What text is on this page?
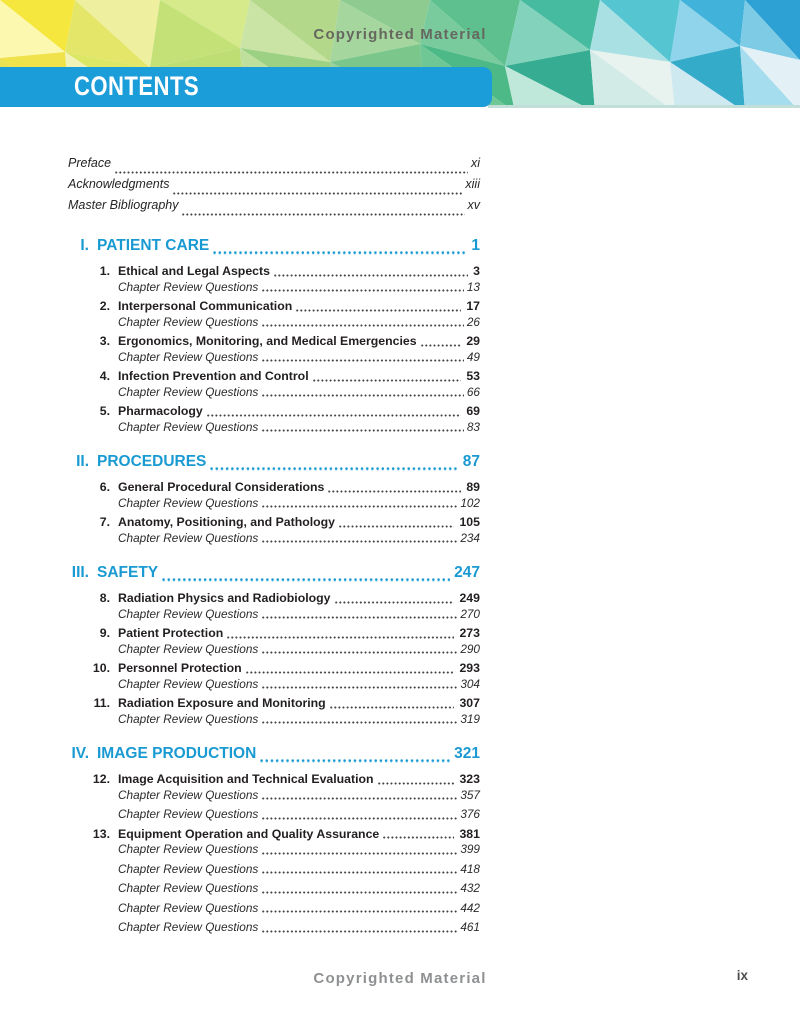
Copyrighted Material
CONTENTS
Preface	xi
Acknowledgments	xiii
Master Bibliography	xv
I. PATIENT CARE	1
1. Ethical and Legal Aspects	3
Chapter Review Questions	13
2. Interpersonal Communication	17
Chapter Review Questions	26
3. Ergonomics, Monitoring, and Medical Emergencies	29
Chapter Review Questions	49
4. Infection Prevention and Control	53
Chapter Review Questions	66
5. Pharmacology	69
Chapter Review Questions	83
II. PROCEDURES	87
6. General Procedural Considerations	89
Chapter Review Questions	102
7. Anatomy, Positioning, and Pathology	105
Chapter Review Questions	234
III. SAFETY	247
8. Radiation Physics and Radiobiology	249
Chapter Review Questions	270
9. Patient Protection	273
Chapter Review Questions	290
10. Personnel Protection	293
Chapter Review Questions	304
11. Radiation Exposure and Monitoring	307
Chapter Review Questions	319
IV. IMAGE PRODUCTION	321
12. Image Acquisition and Technical Evaluation	323
Chapter Review Questions	357
Chapter Review Questions	376
13. Equipment Operation and Quality Assurance	381
Chapter Review Questions	399
Chapter Review Questions	418
Chapter Review Questions	432
Chapter Review Questions	442
Chapter Review Questions	461
Copyrighted Material	ix
